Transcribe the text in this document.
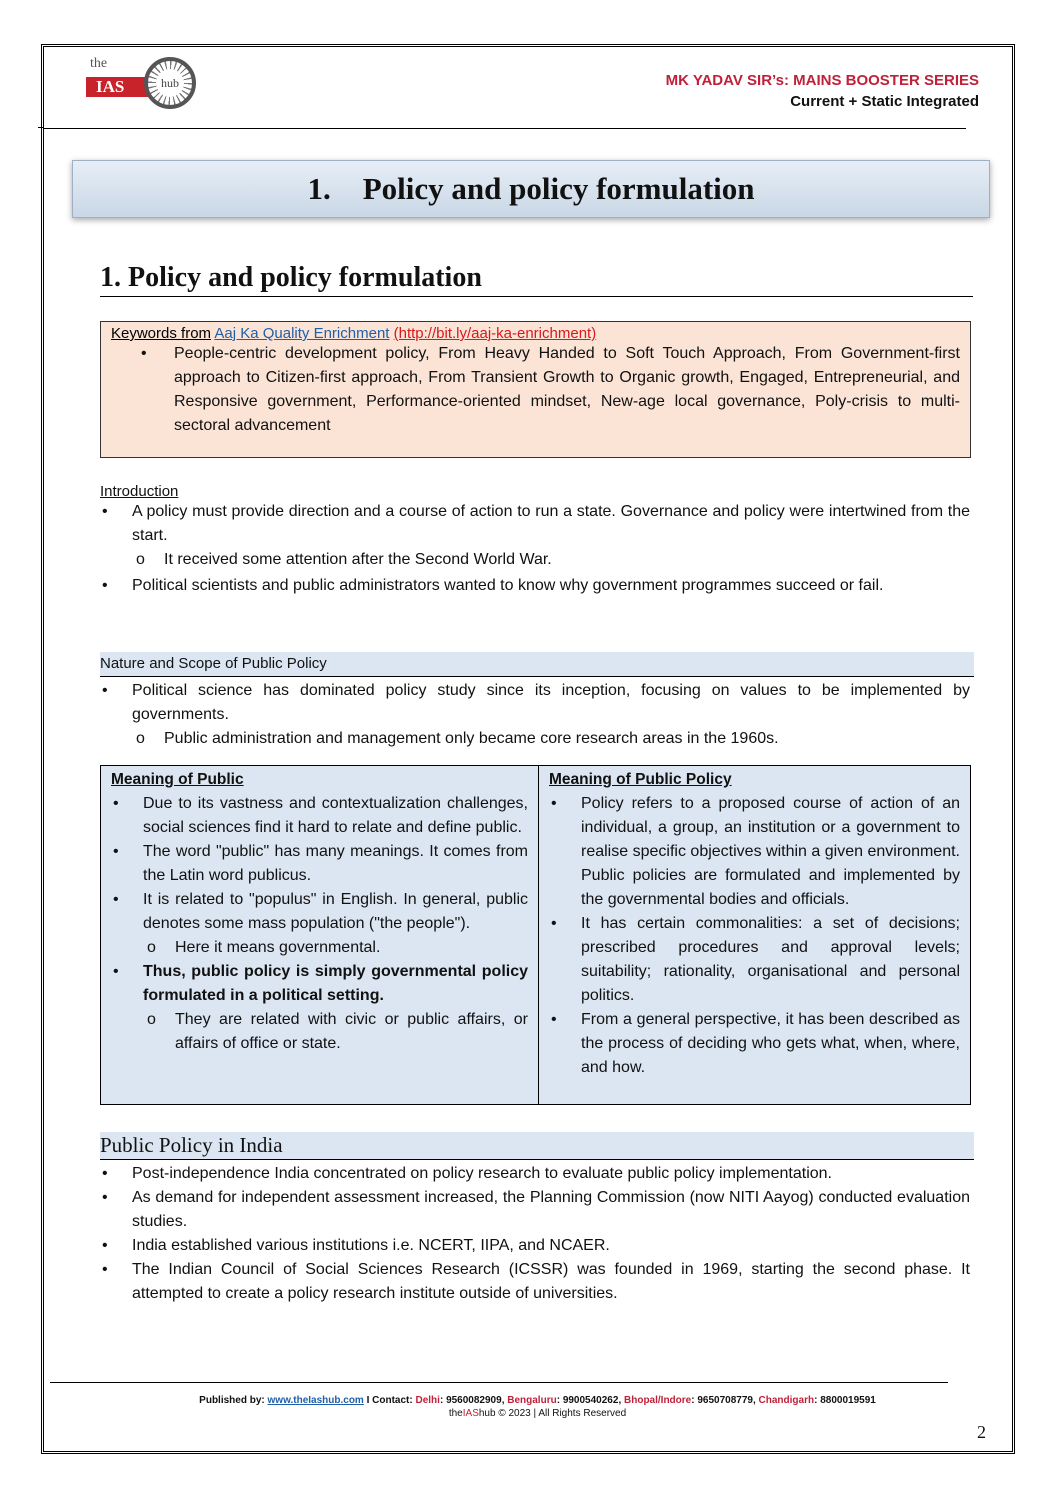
the
IAS	hub	MK YADAV SIR’s: MAINS BOOSTER SERIES
Current + Static Integrated
1. Policy and policy formulation
1. Policy and policy formulation
Keywords from Aaj Ka Quality Enrichment (http://bit.ly/aaj-ka-enrichment)
• People-centric development policy, From Heavy Handed to Soft Touch Approach, From Government-first approach to Citizen-first approach, From Transient Growth to Organic growth, Engaged, Entrepreneurial, and Responsive government, Performance-oriented mindset, New-age local governance, Poly-crisis to multi-sectoral advancement
Introduction
• A policy must provide direction and a course of action to run a state. Governance and policy were intertwined from the start.
o It received some attention after the Second World War.
• Political scientists and public administrators wanted to know why government programmes succeed or fail.
Nature and Scope of Public Policy
• Political science has dominated policy study since its inception, focusing on values to be implemented by governments.
o Public administration and management only became core research areas in the 1960s.
Meaning of Public
• Due to its vastness and contextualization challenges, social sciences find it hard to relate and define public.
• The word "public" has many meanings. It comes from the Latin word publicus.
• It is related to "populus" in English. In general, public denotes some mass population ("the people").
o Here it means governmental.
• Thus, public policy is simply governmental policy formulated in a political setting.
o They are related with civic or public affairs, or affairs of office or state.
Meaning of Public Policy
• Policy refers to a proposed course of action of an individual, a group, an institution or a government to realise specific objectives within a given environment. Public policies are formulated and implemented by the governmental bodies and officials.
• It has certain commonalities: a set of decisions; prescribed procedures and approval levels; suitability; rationality, organisational and personal politics.
• From a general perspective, it has been described as the process of deciding who gets what, when, where, and how.
Public Policy in India
• Post-independence India concentrated on policy research to evaluate public policy implementation.
• As demand for independent assessment increased, the Planning Commission (now NITI Aayog) conducted evaluation studies.
• India established various institutions i.e. NCERT, IIPA, and NCAER.
• The Indian Council of Social Sciences Research (ICSSR) was founded in 1969, starting the second phase. It attempted to create a policy research institute outside of universities.
Published by: www.theIashub.com I Contact: Delhi: 9560082909, Bengaluru: 9900540262, Bhopal/Indore: 9650708779, Chandigarh: 8800019591
theIAShub © 2023 | All Rights Reserved
2
